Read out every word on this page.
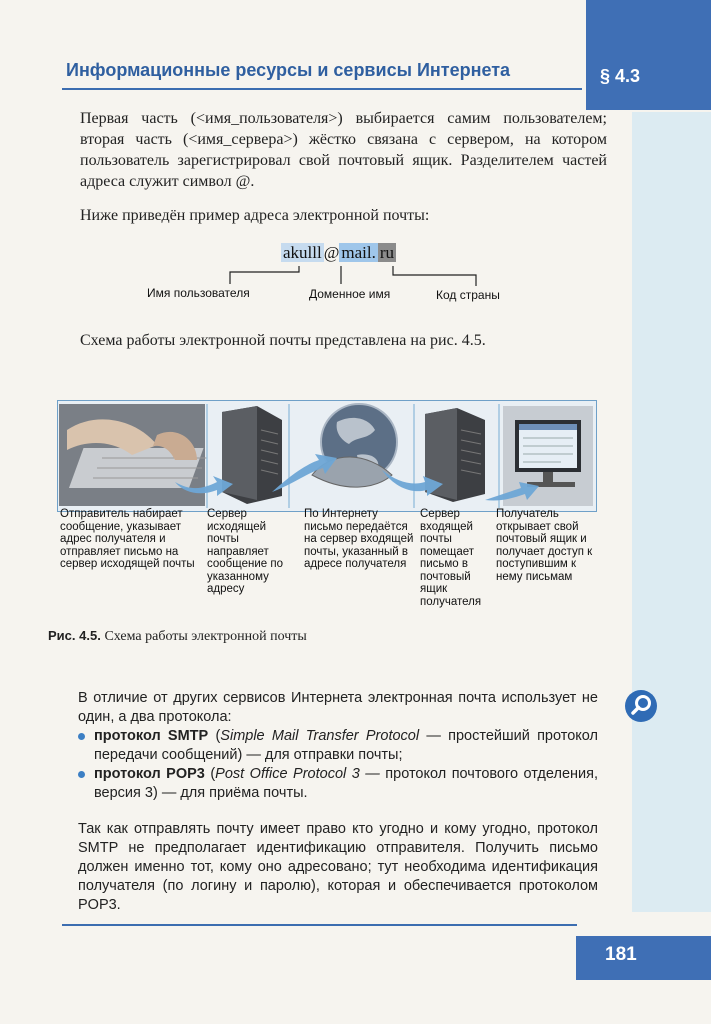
§ 4.3
Информационные ресурсы и сервисы Интернета
Первая часть (<имя_пользователя>) выбирается самим пользователем; вторая часть (<имя_сервера>) жёстко связана с сервером, на котором пользователь зарегистрировал свой почтовый ящик. Разделителем частей адреса служит символ @.
Ниже приведён пример адреса электронной почты:
akulll @ mail. ru
Имя пользователя	Доменное имя	Код страны
Схема работы электронной почты представлена на рис. 4.5.
Отправитель набирает сообщение, указывает адрес получателя и отправляет письмо на сервер исходящей почты
Сервер исходящей почты направляет сообщение по указанному адресу
По Интернету письмо передаётся на сервер входящей почты, указанный в адресе получателя
Сервер входящей почты помещает письмо в почтовый ящик получателя
Получатель открывает свой почтовый ящик и получает доступ к поступившим к нему письмам
Рис. 4.5. Схема работы электронной почты
В отличие от других сервисов Интернета электронная почта использует не один, а два протокола:
протокол SMTP (Simple Mail Transfer Protocol — простейший протокол передачи сообщений) — для отправки почты;
протокол POP3 (Post Office Protocol 3 — протокол почтового отделения, версия 3) — для приёма почты.
Так как отправлять почту имеет право кто угодно и кому угодно, протокол SMTP не предполагает идентификацию отправителя. Получить письмо должен именно тот, кому оно адресовано; тут необходима идентификация получателя (по логину и паролю), которая и обеспечивается протоколом POP3.
181
